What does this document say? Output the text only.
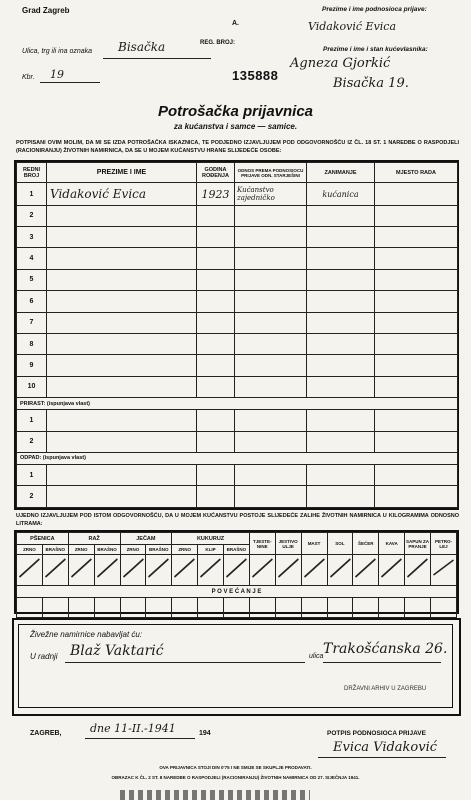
Grad Zagreb
A.
Prezime i ime podnosioca prijave:
Vidaković Evica
REG. BROJ:
Prezime i ime i stan kućevlasnika:
Ulica, trg ili ina oznaka Bisačka
Agneza Gjorkić
Kbr. 19	135888
Bisačka 19.
Potrošačka prijavnica
za kućanstva i samce — samice.
POTPISANI OVIM MOLIM, DA MI SE IZDA POTROŠAČKA ISKAZNICA, TE PODJEDNO IZJAVLJUJEM POD ODGOVORNOŠĆU IZ ČL. 18 ST. 1 NAREDBE O RASPODJELI (RACIONIRANJU) ŽIVOTNIH NAMIRNICA, DA SE U MOJEM KUĆANSTVU HRANE SLIJEDEĆE OSOBE:
REDNI BROJ	PREZIME I IME	GODINA ROĐENJA	ODNOS PREMA PODNOSIOCU PRIJAVE ODN. STARJEŠINI	ZANIMANJE	MJESTO RADA
1	Vidaković Evica	1923	Kućanstvo zajedničko	kućanica	
2					
3					
4					
5					
6					
7					
8					
9					
10					
PRIRAST: (ispunjava vlast)					
1					
2					
ODPAD: (ispunjava vlast)					
1					
2					
UJEDNO IZJAVLJUJEM POD ISTOM ODGOVORNOŠĆU, DA U MOJEM KUĆANSTVU POSTOJE SLIJEDEĆE ZALIHE ŽIVOTNIH NAMIRNICA U KILOGRAMIMA ODNOSNO LITRAMA:
PŠENICA		RAŽ		JEČAM		KUKURUZ			TJESTE-NINE	JESTIVO ULJE	MAST	SOL	ŠEĆER	KAVA	SAPUN ZA PRANJE	PETRO-LEJ
ZRNO	BRAŠNO	ZRNO	BRAŠNO	ZRNO	BRAŠNO	ZRNO	KLIP	BRAŠNO								

P O V E Ć A N J E																

Živežne namirnice nabavljat ću:
U radnji Blaž Vaktarić	ulica Trakošćanska 26.
DRŽAVNI ARHIV U ZAGREBU
ZAGREB,	dne 11-II.-1941	194	POTPIS PODNOSIOCA PRIJAVE
Evica Vidaković
OVA PRIJAVNICA STOJI DIN 0'75 I NE SMIJE SE SKUPLJE PRODAVATI.
OBRAZAC K ČL. 2 ST. 8 NAREDBE O RASPODJELI (RACIONIRANJU) ŽIVOTNIH NAMIRNICA OD 27. SIJEČNJA 1941.
